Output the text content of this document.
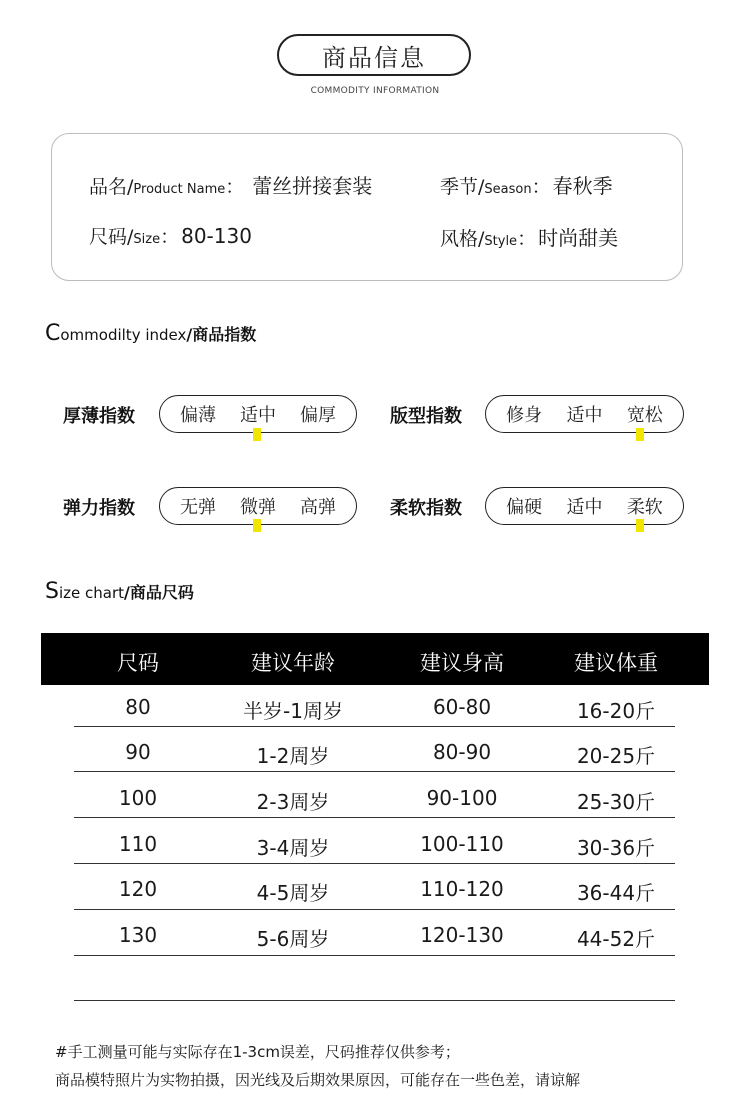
商品信息
COMMODITY INFORMATION
品名/Product Name： 蕾丝拼接套装	季节/Season： 春秋季
尺码/Size： 80-130	风格/Style： 时尚甜美
Commodilty index/商品指数
厚薄指数	偏薄 适中 偏厚	版型指数 修身 适中 宽松
弹力指数	无弹 微弹 高弹	柔软指数 偏硬 适中 柔软
Size chart/商品尺码
尺码	建议年龄	建议身高	建议体重
80	半岁-1周岁	60-80	16-20斤
90	1-2周岁	80-90	20-25斤
100	2-3周岁	90-100	25-30斤
110	3-4周岁	100-110	30-36斤
120	4-5周岁	110-120	36-44斤
130	5-6周岁	120-130	44-52斤
#手工测量可能与实际存在1-3cm误差，尺码推荐仅供参考；
商品模特照片为实物拍摄，因光线及后期效果原因，可能存在一些色差，请谅解
